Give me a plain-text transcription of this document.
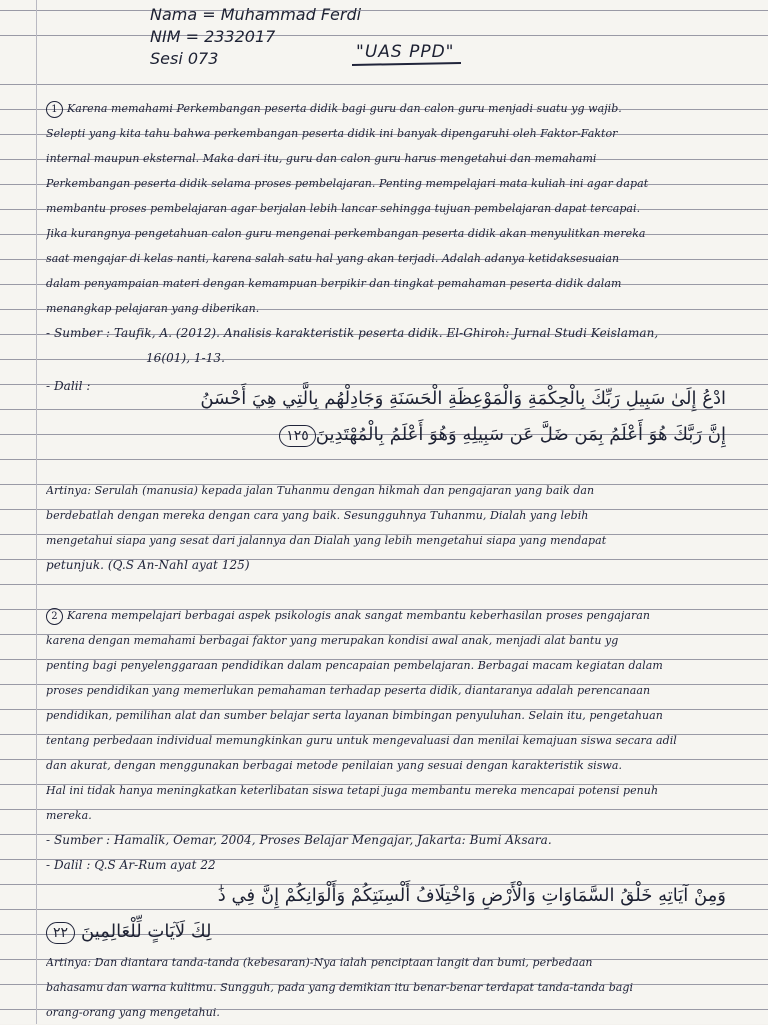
Nama = Muhammad Ferdi
NIM = 2332017
Sesi 073	"UAS PPD"
1 Karena memahami Perkembangan peserta didik bagi guru dan calon guru menjadi suatu yg wajib.
Selepti yang kita tahu bahwa perkembangan peserta didik ini banyak dipengaruhi oleh Faktor-Faktor
internal maupun eksternal. Maka dari itu, guru dan calon guru harus mengetahui dan memahami
Perkembangan peserta didik selama proses pembelajaran. Penting mempelajari mata kuliah ini agar dapat
membantu proses pembelajaran agar berjalan lebih lancar sehingga tujuan pembelajaran dapat tercapai.
Jika kurangnya pengetahuan calon guru mengenai perkembangan peserta didik akan menyulitkan mereka
saat mengajar di kelas nanti, karena salah satu hal yang akan terjadi. Adalah adanya ketidaksesuaian
dalam penyampaian materi dengan kemampuan berpikir dan tingkat pemahaman peserta didik dalam
menangkap pelajaran yang diberikan.
- Sumber : Taufik, A. (2012). Analisis karakteristik peserta didik. El-Ghiroh: Jurnal Studi Keislaman,
16(01), 1-13.
- Dalil :
ادْعُ إِلَىٰ سَبِيلِ رَبِّكَ بِالْحِكْمَةِ وَالْمَوْعِظَةِ الْحَسَنَةِ وَجَادِلْهُم بِالَّتِي هِيَ أَحْسَنُ
إِنَّ رَبَّكَ هُوَ أَعْلَمُ بِمَن ضَلَّ عَن سَبِيلِهِ وَهُوَ أَعْلَمُ بِالْمُهْتَدِينَ١٢٥
Artinya: Serulah (manusia) kepada jalan Tuhanmu dengan hikmah dan pengajaran yang baik dan
berdebatlah dengan mereka dengan cara yang baik. Sesungguhnya Tuhanmu, Dialah yang lebih
mengetahui siapa yang sesat dari jalannya dan Dialah yang lebih mengetahui siapa yang mendapat
petunjuk. (Q.S An-Nahl ayat 125)
2 Karena mempelajari berbagai aspek psikologis anak sangat membantu keberhasilan proses pengajaran
karena dengan memahami berbagai faktor yang merupakan kondisi awal anak, menjadi alat bantu yg
penting bagi penyelenggaraan pendidikan dalam pencapaian pembelajaran. Berbagai macam kegiatan dalam
proses pendidikan yang memerlukan pemahaman terhadap peserta didik, diantaranya adalah perencanaan
pendidikan, pemilihan alat dan sumber belajar serta layanan bimbingan penyuluhan. Selain itu, pengetahuan
tentang perbedaan individual memungkinkan guru untuk mengevaluasi dan menilai kemajuan siswa secara adil
dan akurat, dengan menggunakan berbagai metode penilaian yang sesuai dengan karakteristik siswa.
Hal ini tidak hanya meningkatkan keterlibatan siswa tetapi juga membantu mereka mencapai potensi penuh
mereka.
- Sumber : Hamalik, Oemar, 2004, Proses Belajar Mengajar, Jakarta: Bumi Aksara.
- Dalil : Q.S Ar-Rum ayat 22
وَمِنْ آيَاتِهِ خَلْقُ السَّمَاوَاتِ وَالْأَرْضِ وَاخْتِلَافُ أَلْسِنَتِكُمْ وَأَلْوَانِكُمْ إِنَّ فِي ذَٰ
٢٢ لِكَ لَآيَاتٍ لِّلْعَالِمِينَ
Artinya: Dan diantara tanda-tanda (kebesaran)-Nya ialah penciptaan langit dan bumi, perbedaan
bahasamu dan warna kulitmu. Sungguh, pada yang demikian itu benar-benar terdapat tanda-tanda bagi
orang-orang yang mengetahui.
